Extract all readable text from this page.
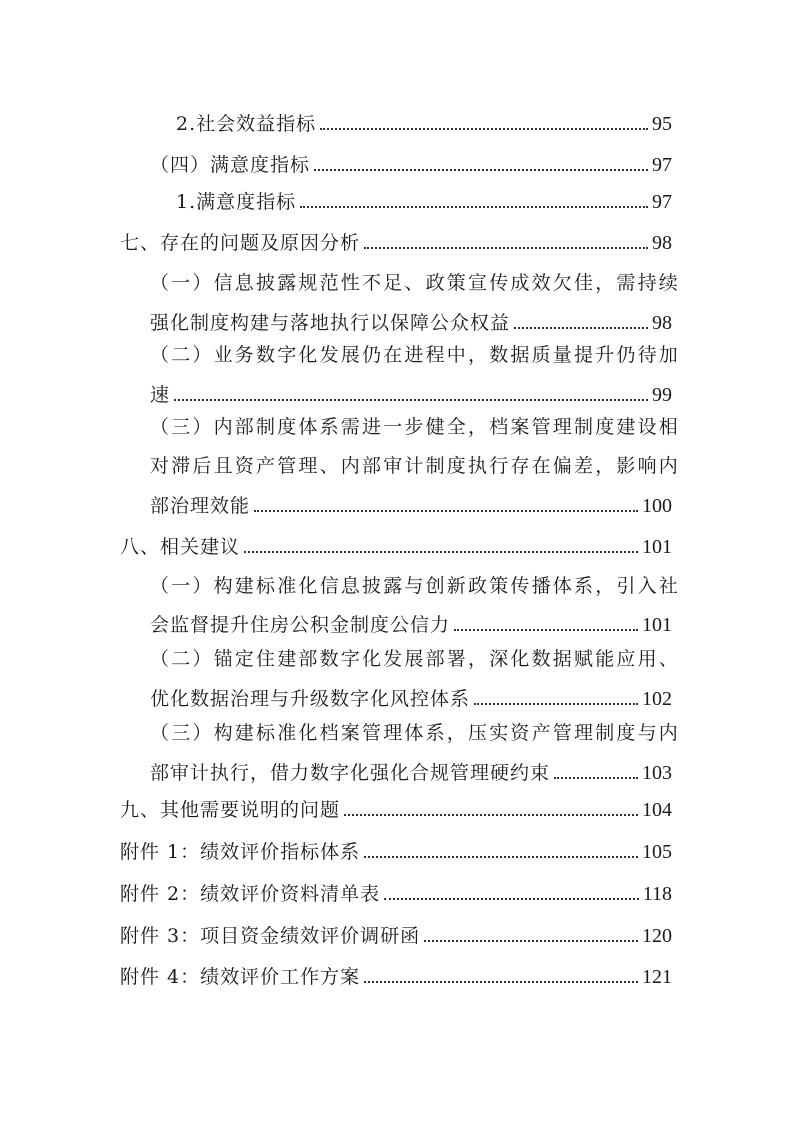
2.社会效益指标	95
（四）满意度指标	97
1.满意度指标	97
七、存在的问题及原因分析	98
（一）信息披露规范性不足、政策宣传成效欠佳，需持续
强化制度构建与落地执行以保障公众权益	98
（二）业务数字化发展仍在进程中，数据质量提升仍待加
速	99
（三）内部制度体系需进一步健全，档案管理制度建设相
对滞后且资产管理、内部审计制度执行存在偏差，影响内
部治理效能	100
八、相关建议	101
（一）构建标准化信息披露与创新政策传播体系，引入社
会监督提升住房公积金制度公信力	101
（二）锚定住建部数字化发展部署，深化数据赋能应用、
优化数据治理与升级数字化风控体系	102
（三）构建标准化档案管理体系，压实资产管理制度与内
部审计执行，借力数字化强化合规管理硬约束	103
九、其他需要说明的问题	104
附件 1：绩效评价指标体系	105
附件 2：绩效评价资料清单表	118
附件 3：项目资金绩效评价调研函	120
附件 4：绩效评价工作方案	121
